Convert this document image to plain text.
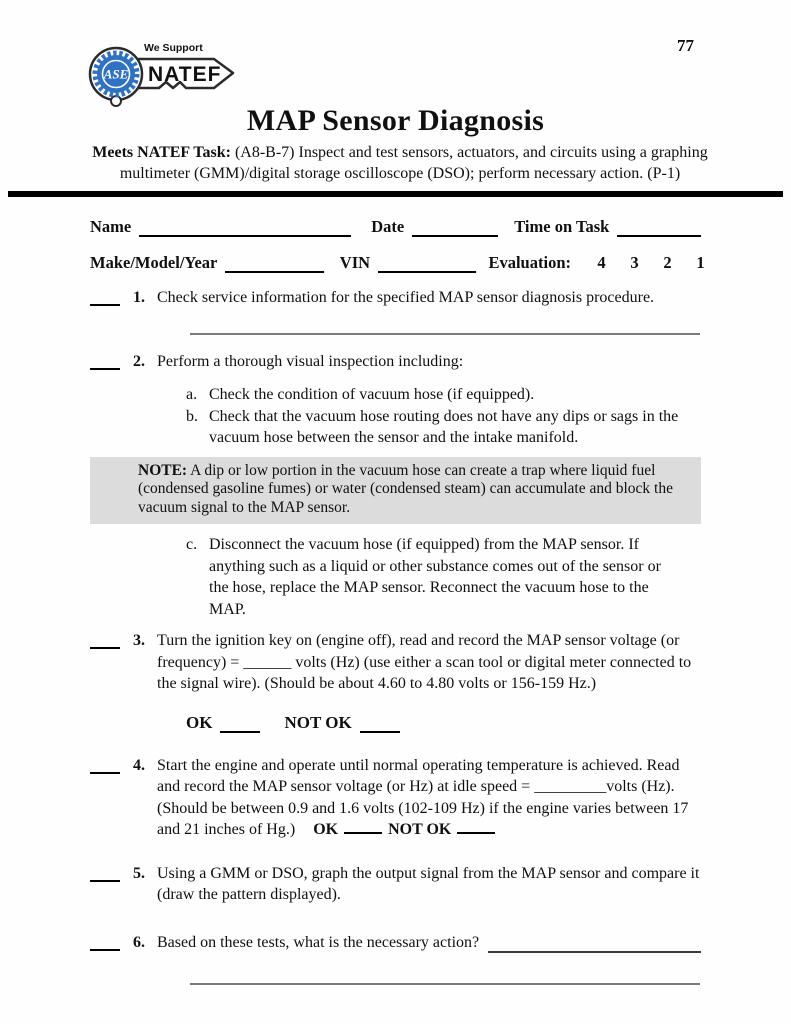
ASE
We Support
NATEF
77
MAP Sensor Diagnosis

Meets NATEF Task: (A8-B-7) Inspect and test sensors, actuators, and circuits using a graphing multimeter (GMM)/digital storage oscilloscope (DSO); perform necessary action. (P-1)

Name	Date	Time on Task
Make/Model/Year	VIN	Evaluation:	4	3	2	1
1. Check service information for the specified MAP sensor diagnosis procedure.
2. Perform a thorough visual inspection including:
a. Check the condition of vacuum hose (if equipped).
b. Check that the vacuum hose routing does not have any dips or sags in the vacuum hose between the sensor and the intake manifold.
NOTE: A dip or low portion in the vacuum hose can create a trap where liquid fuel (condensed gasoline fumes) or water (condensed steam) can accumulate and block the vacuum signal to the MAP sensor.
c. Disconnect the vacuum hose (if equipped) from the MAP sensor. If anything such as a liquid or other substance comes out of the sensor or the hose, replace the MAP sensor. Reconnect the vacuum hose to the MAP.
3. Turn the ignition key on (engine off), read and record the MAP sensor voltage (or frequency) = ______ volts (Hz) (use either a scan tool or digital meter connected to the signal wire). (Should be about 4.60 to 4.80 volts or 156-159 Hz.)
OK	NOT OK
4. Start the engine and operate until normal operating temperature is achieved. Read and record the MAP sensor voltage (or Hz) at idle speed = _________volts (Hz). (Should be between 0.9 and 1.6 volts (102-109 Hz) if the engine varies between 17 and 21 inches of Hg.) OK	NOT OK
5. Using a GMM or DSO, graph the output signal from the MAP sensor and compare it (draw the pattern displayed).
6. Based on these tests, what is the necessary action?
